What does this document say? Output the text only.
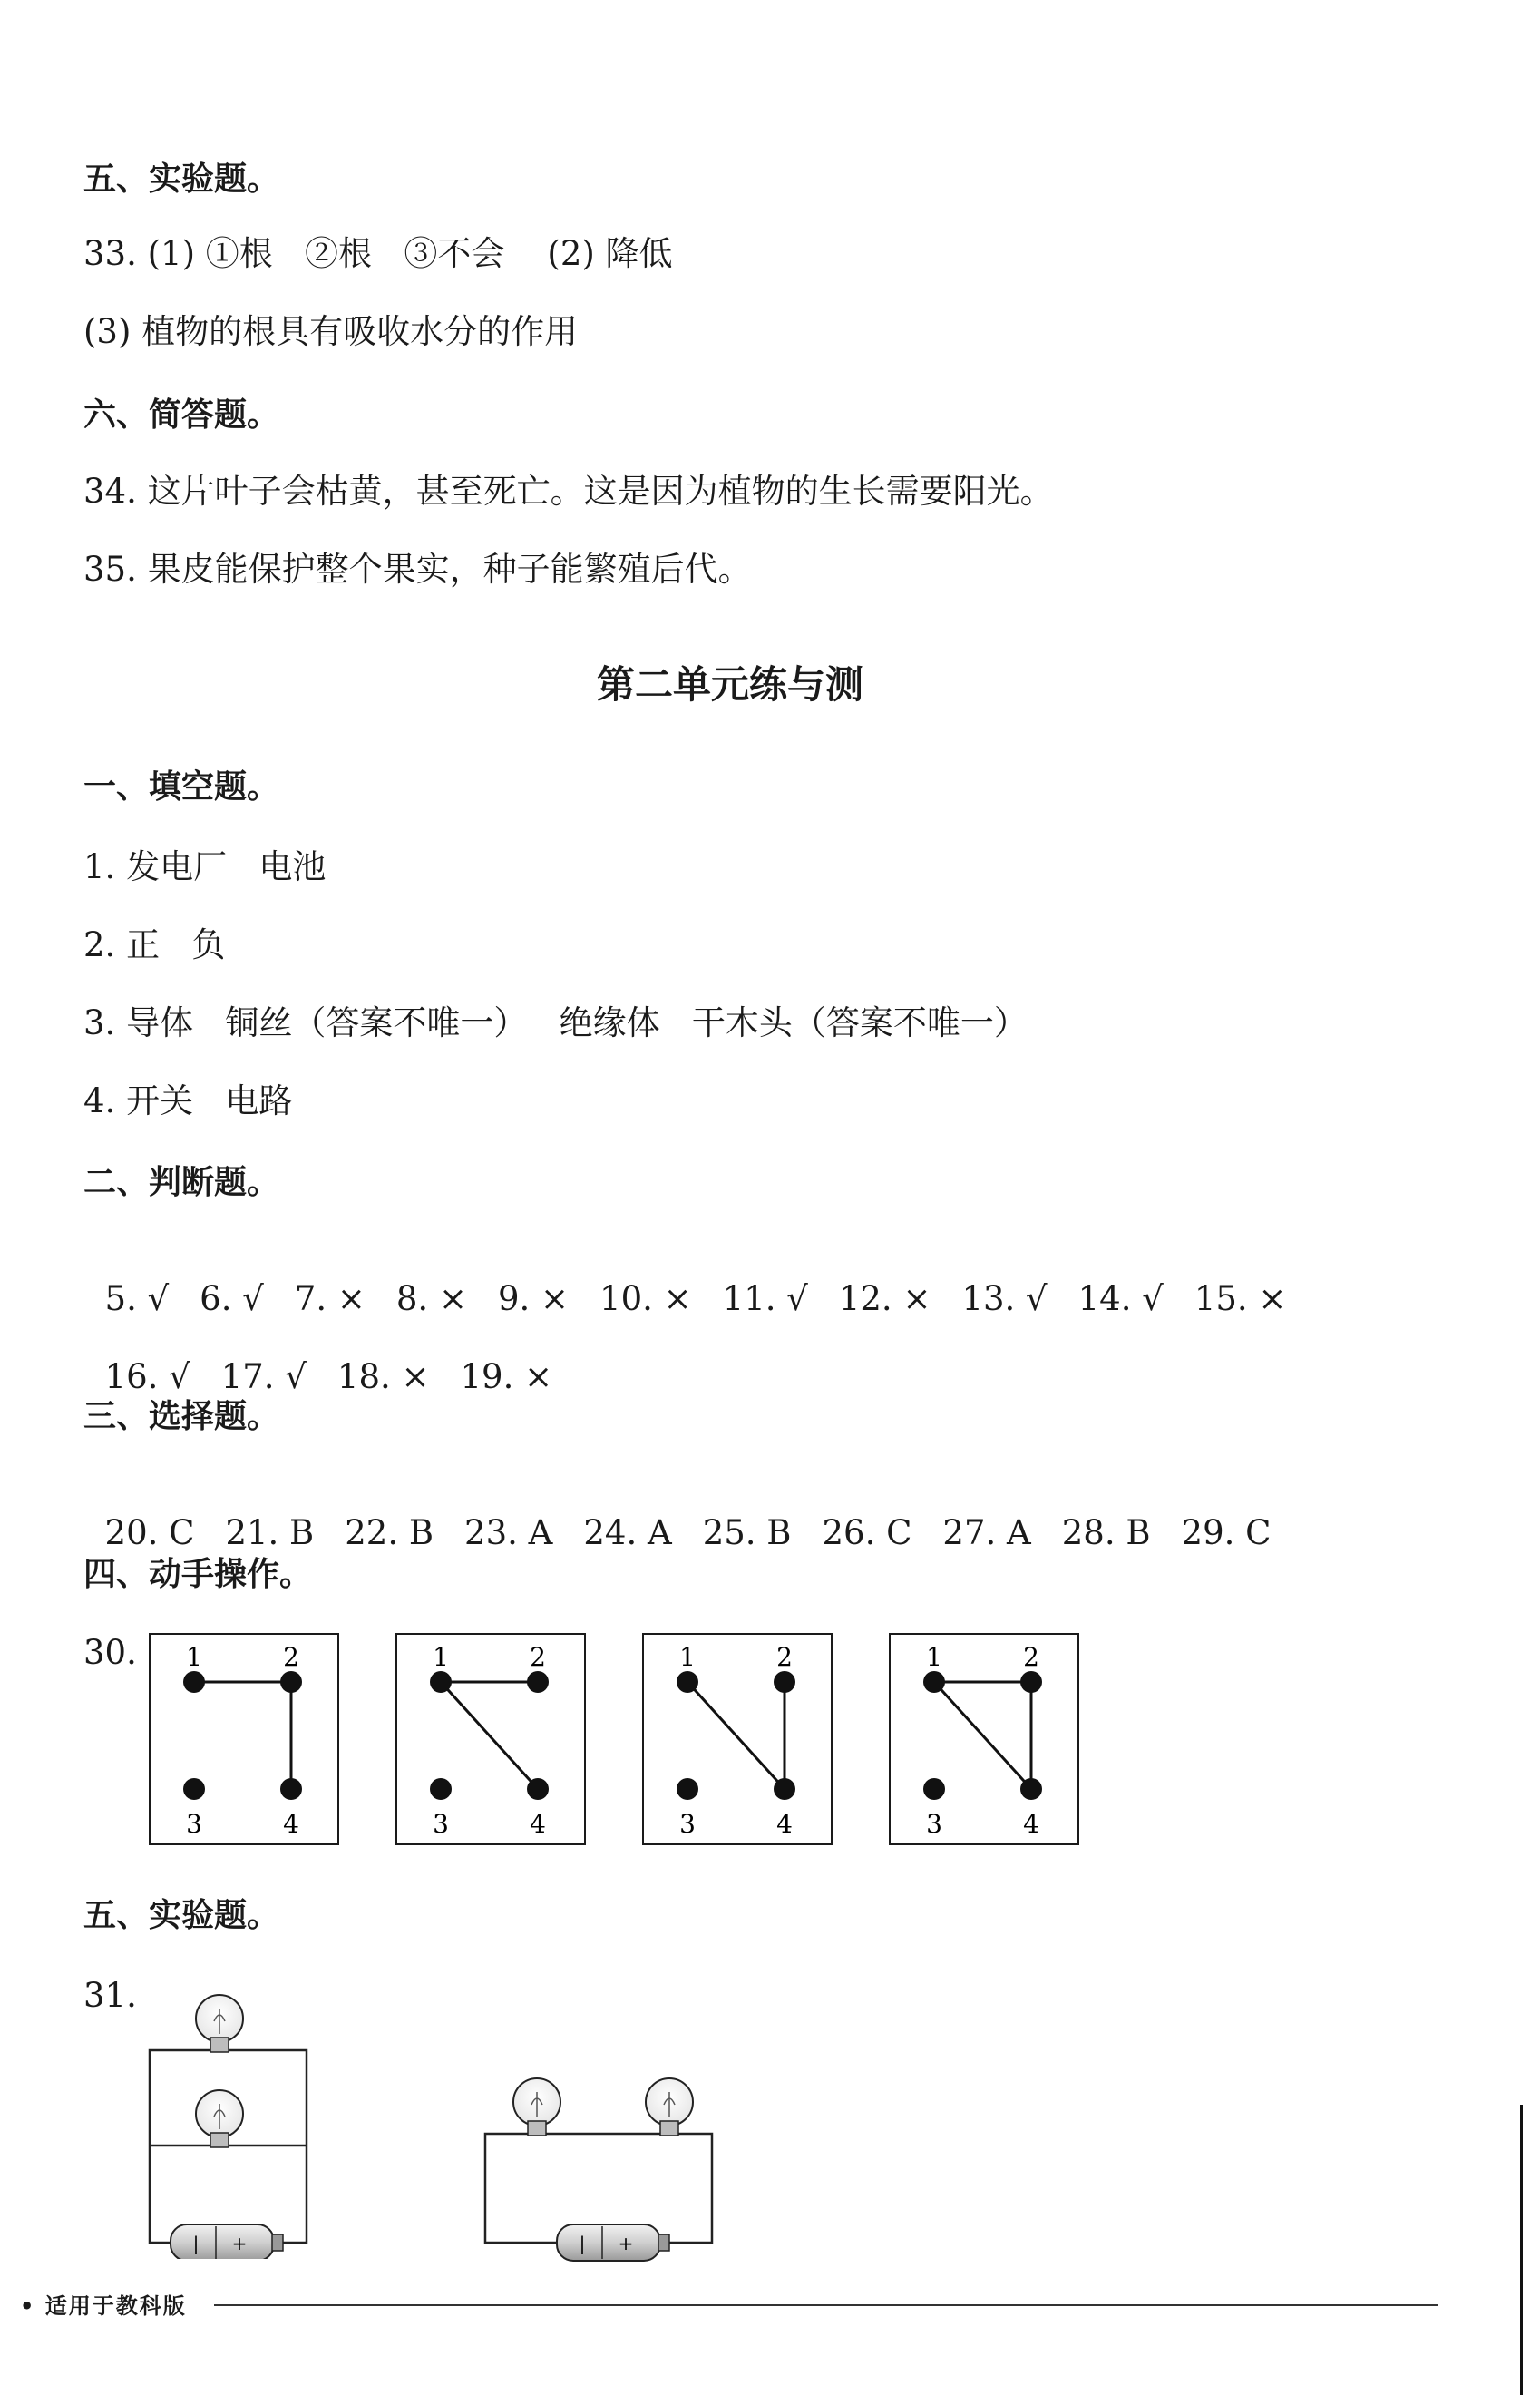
五、实验题。
33. (1) ①根   ②根   ③不会    (2) 降低
(3) 植物的根具有吸收水分的作用
六、简答题。
34. 这片叶子会枯黄，甚至死亡。这是因为植物的生长需要阳光。
35. 果皮能保护整个果实，种子能繁殖后代。
第二单元练与测
一、填空题。
1. 发电厂   电池
2. 正   负
3. 导体   铜丝（答案不唯一）   绝缘体   干木头（答案不唯一）
4. 开关   电路
二、判断题。

5. √ 6. √ 7. × 8. × 9. × 10. × 11. √ 12. × 13. √ 14. √ 15. ×

16. √ 17. √ 18. × 19. ×

三、选择题。

20. C 21. B 22. B 23. A 24. A 25. B 26. C 27. A 28. B 29. C

四、动手操作。
30. 1	2
3	4
1	2
3	4
1	2
3	4
1	2
3	4
五、实验题。
31.
| +	| +
• 适用于教科版
